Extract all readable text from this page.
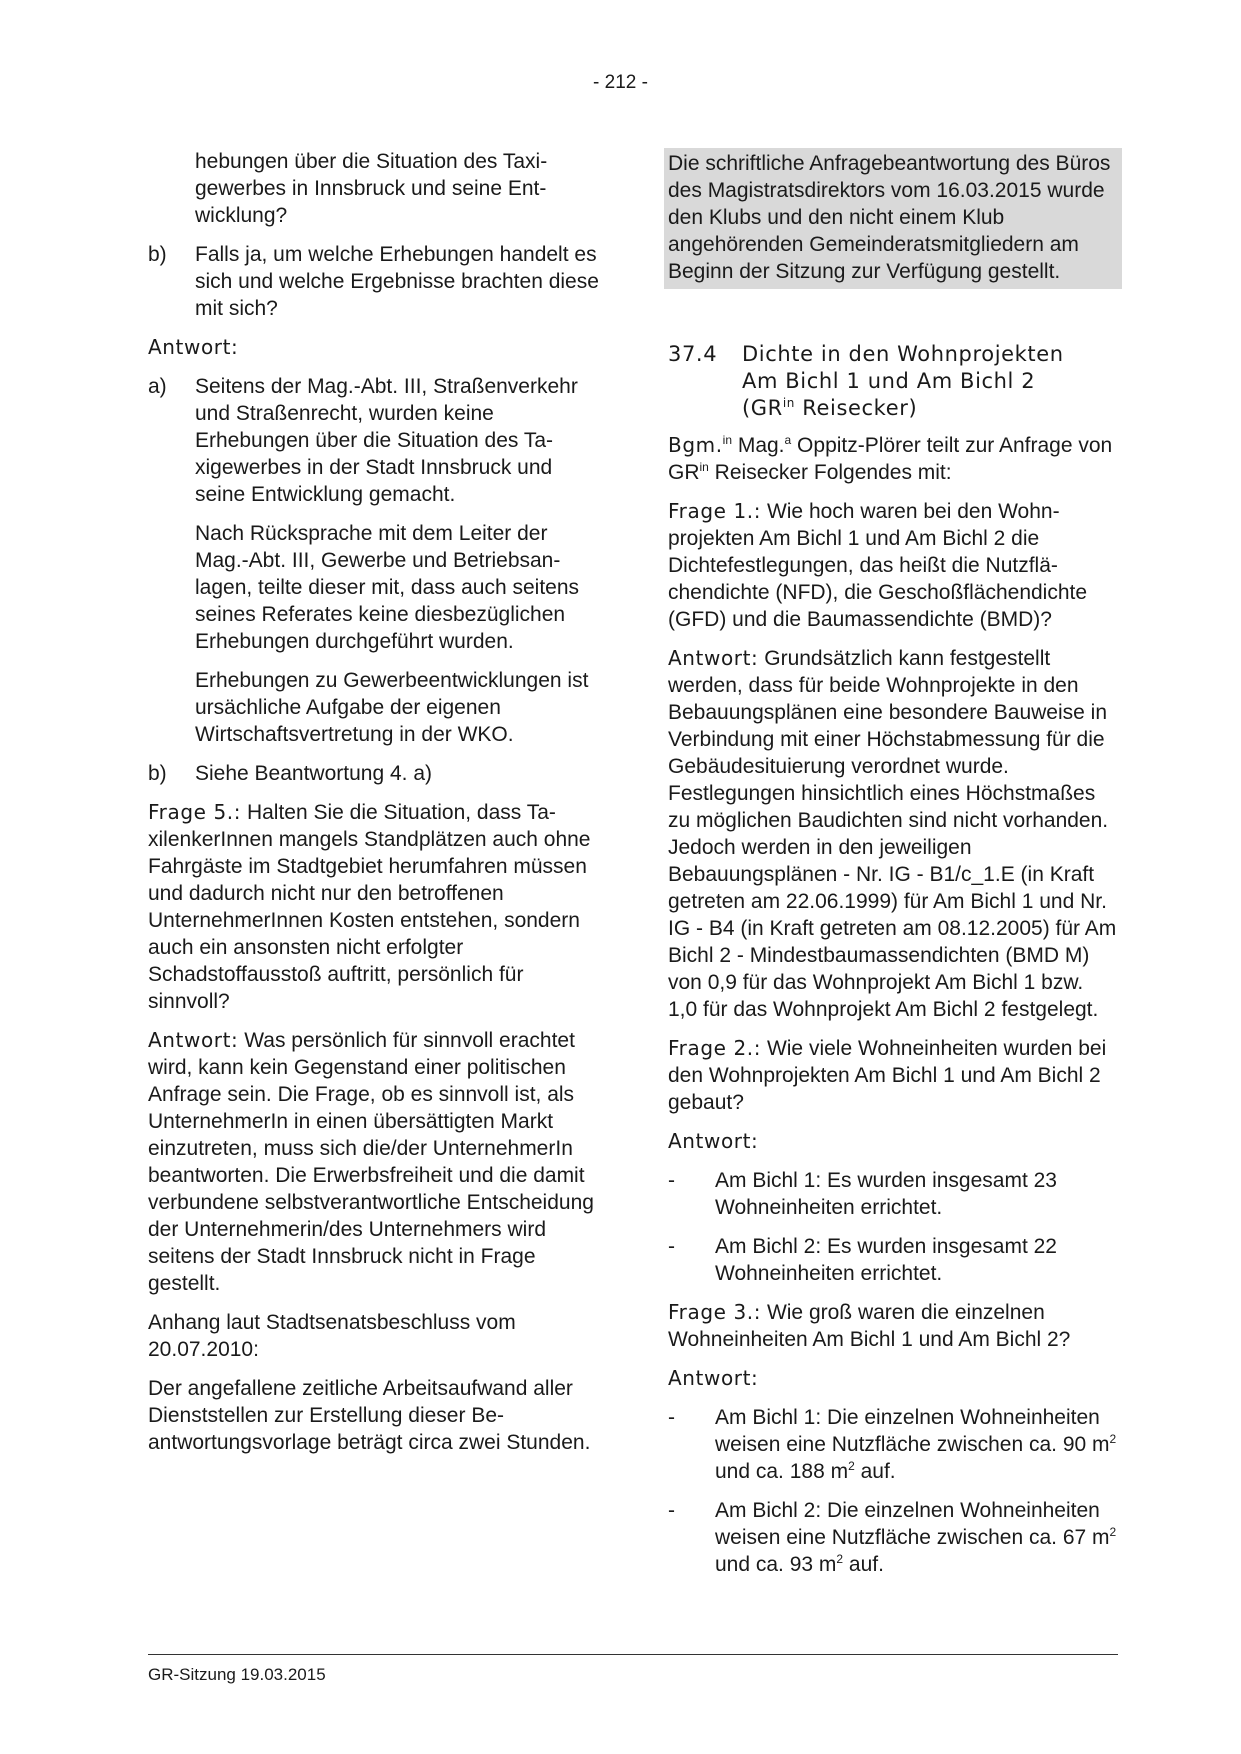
- 212 -

hebungen über die Situation des Taxigewerbes in Innsbruck und seine Entwicklung?

b)	Falls ja, um welche Erhebungen handelt es sich und welche Ergebnisse brachten diese mit sich?

Antwort:

a)	Seitens der Mag.-Abt. III, Straßenverkehr und Straßenrecht, wurden keine Erhebungen über die Situation des Taxigewerbes in der Stadt Innsbruck und seine Entwicklung gemacht.

Nach Rücksprache mit dem Leiter der Mag.-Abt. III, Gewerbe und Betriebsanlagen, teilte dieser mit, dass auch seitens seines Referates keine diesbezüglichen Erhebungen durchgeführt wurden.

Erhebungen zu Gewerbeentwicklungen ist ursächliche Aufgabe der eigenen Wirtschaftsvertretung in der WKO.

b)	Siehe Beantwortung 4. a)

Frage 5.: Halten Sie die Situation, dass TaxilenkerInnen mangels Standplätzen auch ohne Fahrgäste im Stadtgebiet herumfahren müssen und dadurch nicht nur den betroffenen UnternehmerInnen Kosten entstehen, sondern auch ein ansonsten nicht erfolgter Schadstoffausstoß auftritt, persönlich für sinnvoll?

Antwort: Was persönlich für sinnvoll erachtet wird, kann kein Gegenstand einer politischen Anfrage sein. Die Frage, ob es sinnvoll ist, als UnternehmerIn in einen übersättigten Markt einzutreten, muss sich die/der UnternehmerIn beantworten. Die Erwerbsfreiheit und die damit verbundene selbstverantwortliche Entscheidung der Unternehmerin/des Unternehmers wird seitens der Stadt Innsbruck nicht in Frage gestellt.

Anhang laut Stadtsenatsbeschluss vom 20.07.2010:

Der angefallene zeitliche Arbeitsaufwand aller Dienststellen zur Erstellung dieser Beantwortungsvorlage beträgt circa zwei Stunden.

Die schriftliche Anfragebeantwortung des Büros des Magistratsdirektors vom 16.03.2015 wurde den Klubs und den nicht einem Klub angehörenden Gemeinderatsmitgliedern am Beginn der Sitzung zur Verfügung gestellt.
37.4	Dichte in den Wohnprojekten
Am Bichl 1 und Am Bichl 2
($GR^{in}$ Reisecker)

Bgm.$^{in}$ Mag.$^a$ Oppitz-Plörer teilt zur Anfrage von $GR^{in}$ Reisecker Folgendes mit:

Frage 1.: Wie hoch waren bei den Wohnprojekten Am Bichl 1 und Am Bichl 2 die Dichtefestlegungen, das heißt die Nutzflächendichte (NFD), die Geschoßflächendichte (GFD) und die Baumassendichte (BMD)?

Antwort: Grundsätzlich kann festgestellt werden, dass für beide Wohnprojekte in den Bebauungsplänen eine besondere Bauweise in Verbindung mit einer Höchstabmessung für die Gebäudesituierung verordnet wurde. Festlegungen hinsichtlich eines Höchstmaßes zu möglichen Baudichten sind nicht vorhanden. Jedoch werden in den jeweiligen Bebauungsplänen - Nr. IG - B1/c_1.E (in Kraft getreten am 22.06.1999) für Am Bichl 1 und Nr. IG - B4 (in Kraft getreten am 08.12.2005) für Am Bichl 2 - Mindestbaumassendichten (BMD M) von 0,9 für das Wohnprojekt Am Bichl 1 bzw. 1,0 für das Wohnprojekt Am Bichl 2 festgelegt.

Frage 2.: Wie viele Wohneinheiten wurden bei den Wohnprojekten Am Bichl 1 und Am Bichl 2 gebaut?

Antwort:

-	Am Bichl 1: Es wurden insgesamt 23 Wohneinheiten errichtet.
-	Am Bichl 2: Es wurden insgesamt 22 Wohneinheiten errichtet.

Frage 3.: Wie groß waren die einzelnen Wohneinheiten Am Bichl 1 und Am Bichl 2?

Antwort:

-	Am Bichl 1: Die einzelnen Wohneinheiten weisen eine Nutzfläche zwischen ca. 90 $m^2$ und ca. 188 $m^2$ auf.
-	Am Bichl 2: Die einzelnen Wohneinheiten weisen eine Nutzfläche zwischen ca. 67 $m^2$ und ca. 93 $m^2$ auf.
GR-Sitzung 19.03.2015
